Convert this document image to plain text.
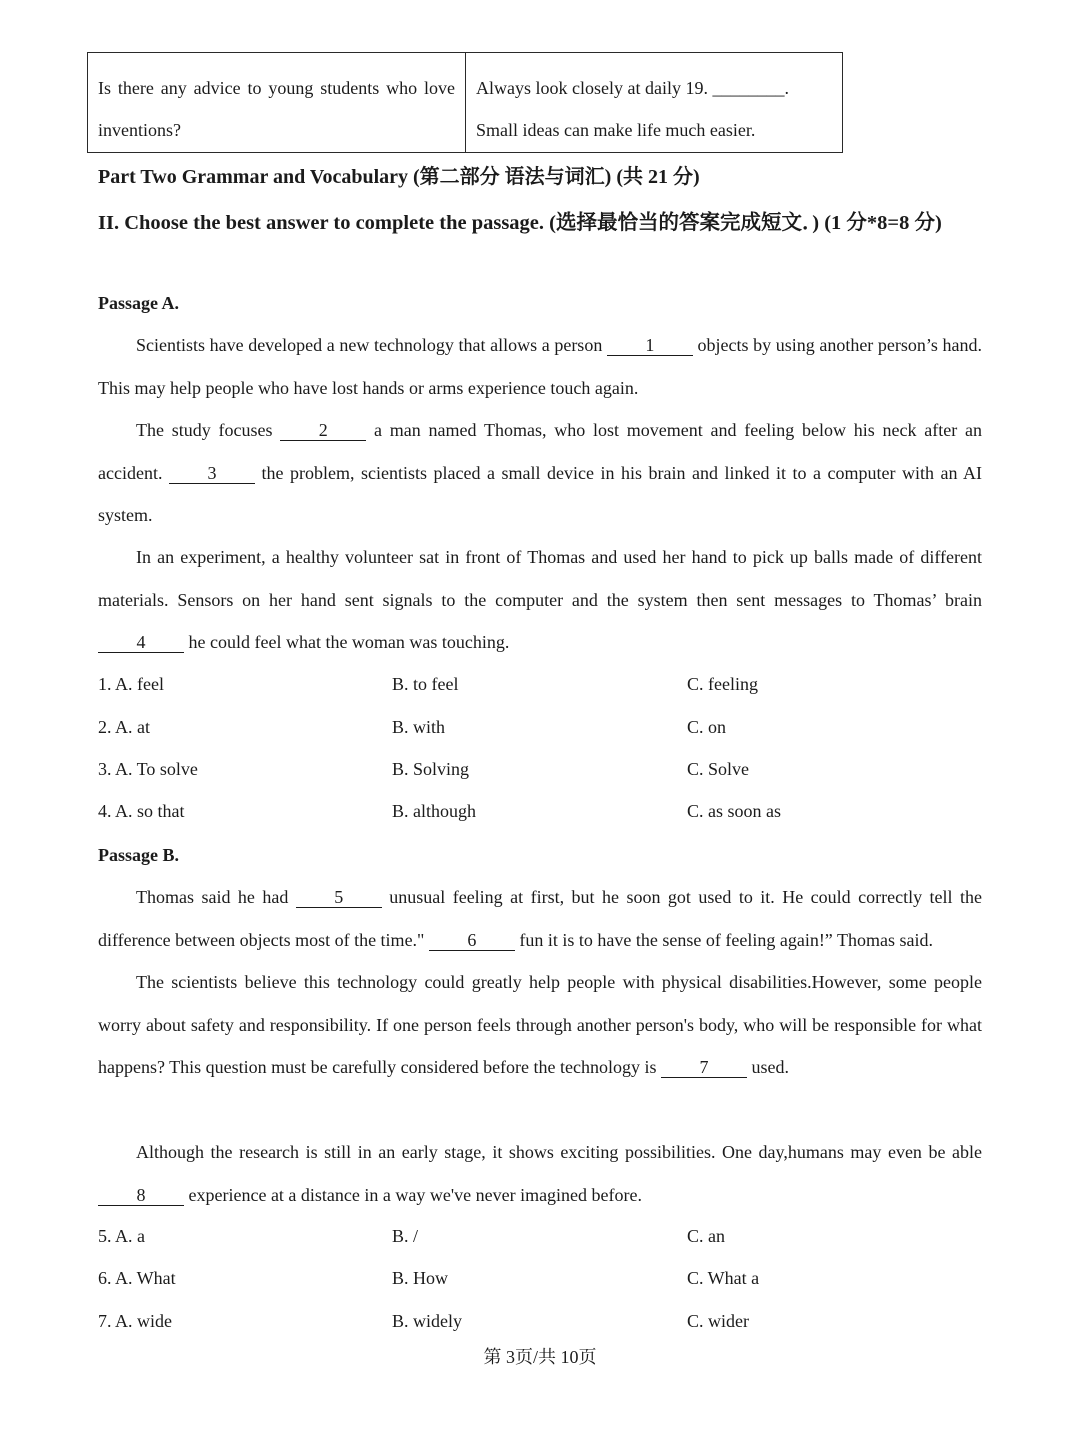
Is there any advice to young students who love inventions?
Always look closely at daily 19. ________.
Small ideas can make life much easier.
Part Two Grammar and Vocabulary (第二部分 语法与词汇) (共 21 分)
II. Choose the best answer to complete the passage. (选择最恰当的答案完成短文．) (1 分*8=8 分)
Passage A.
Scientists have developed a new technology that allows a person 1 objects by using another person’s hand. This may help people who have lost hands or arms experience touch again.
The study focuses 2 a man named Thomas, who lost movement and feeling below his neck after an accident. 3 the problem, scientists placed a small device in his brain and linked it to a computer with an AI system.
In an experiment, a healthy volunteer sat in front of Thomas and used her hand to pick up balls made of different materials. Sensors on her hand sent signals to the computer and the system then sent messages to Thomas’ brain 4 he could feel what the woman was touching.
1. A. feel	B. to feel	C. feeling
2. A. at	B. with	C. on
3. A. To solve	B. Solving	C. Solve
4. A. so that	B. although	C. as soon as
Passage B.
Thomas said he had 5 unusual feeling at first, but he soon got used to it. He could correctly tell the difference between objects most of the time." 6 fun it is to have the sense of feeling again!” Thomas said.
The scientists believe this technology could greatly help people with physical disabilities.However, some people worry about safety and responsibility. If one person feels through another person's body, who will be responsible for what happens? This question must be carefully considered before the technology is 7 used.
Although the research is still in an early stage, it shows exciting possibilities. One day,humans may even be able 8 experience at a distance in a way we've never imagined before.
5. A. a	B. /	C. an
6. A. What	B. How	C. What a
7. A. wide	B. widely	C. wider
第 3页/共 10页
